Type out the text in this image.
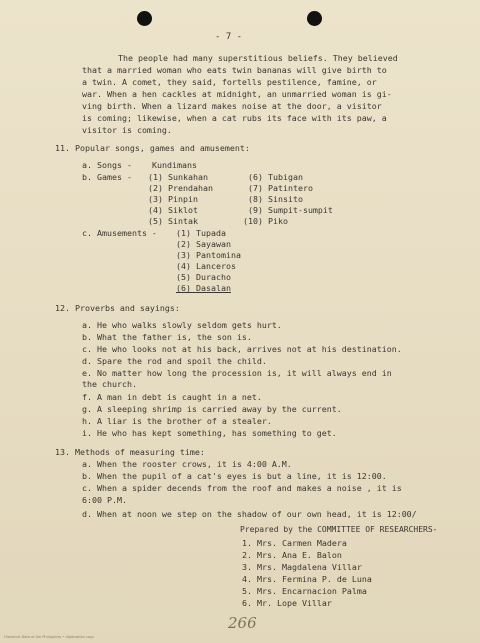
- 7 -
The people had many superstitious beliefs. They believed
that a married woman who eats twin bananas will give birth to
a twin. A comet, they said, fortells pestilence, famine, or
war. When a hen cackles at midnight, an unmarried woman is gi-
ving birth. When a lizard makes noise at the door, a visitor
is coming; likewise, when a cat rubs its face with its paw, a
visitor is coming.
11. Popular songs, games and amusement:
a. Songs - Kundimans
b. Games - (1) Sunkahan
(2) Prendahan
(3) Pinpin
(4) Siklot
(5) Sintak
(6) Tubigan
(7) Patintero
(8) Sinsito
(9) Sumpit-sumpit
(10) Piko
c. Amusements - (1) Tupada
(2) Sayawan
(3) Pantomina
(4) Lanceros
(5) Duracho
(6) Dasalan
12. Proverbs and sayings:
a. He who walks slowly seldom gets hurt.
b. What the father is, the son is.
c. He who looks not at his back, arrives not at his destination.
d. Spare the rod and spoil the child.
e. No matter how long the procession is, it will always end in
the church.
f. A man in debt is caught in a net.
g. A sleeping shrimp is carried away by the current.
h. A liar is the brother of a stealer.
i. He who has kept something, has something to get.
13. Methods of measuring time:
a. When the rooster crows, it is 4:00 A.M.
b. When the pupil of a cat's eyes is but a line, it is 12:00.
c. When a spider decends from the roof and makes a noise , it is
6:00 P.M.
d. When at noon we step on the shadow of our own head, it is 12:00/
Prepared by the COMMITTEE OF RESEARCHERS-
1. Mrs. Carmen Madera
2. Mrs. Ana E. Balon
3. Mrs. Magdalena Villar
4. Mrs. Fermina P. de Luna
5. Mrs. Encarnacion Palma
6. Mr. Lope Villar
266
Historical Data of the Philippines • digitization copy
